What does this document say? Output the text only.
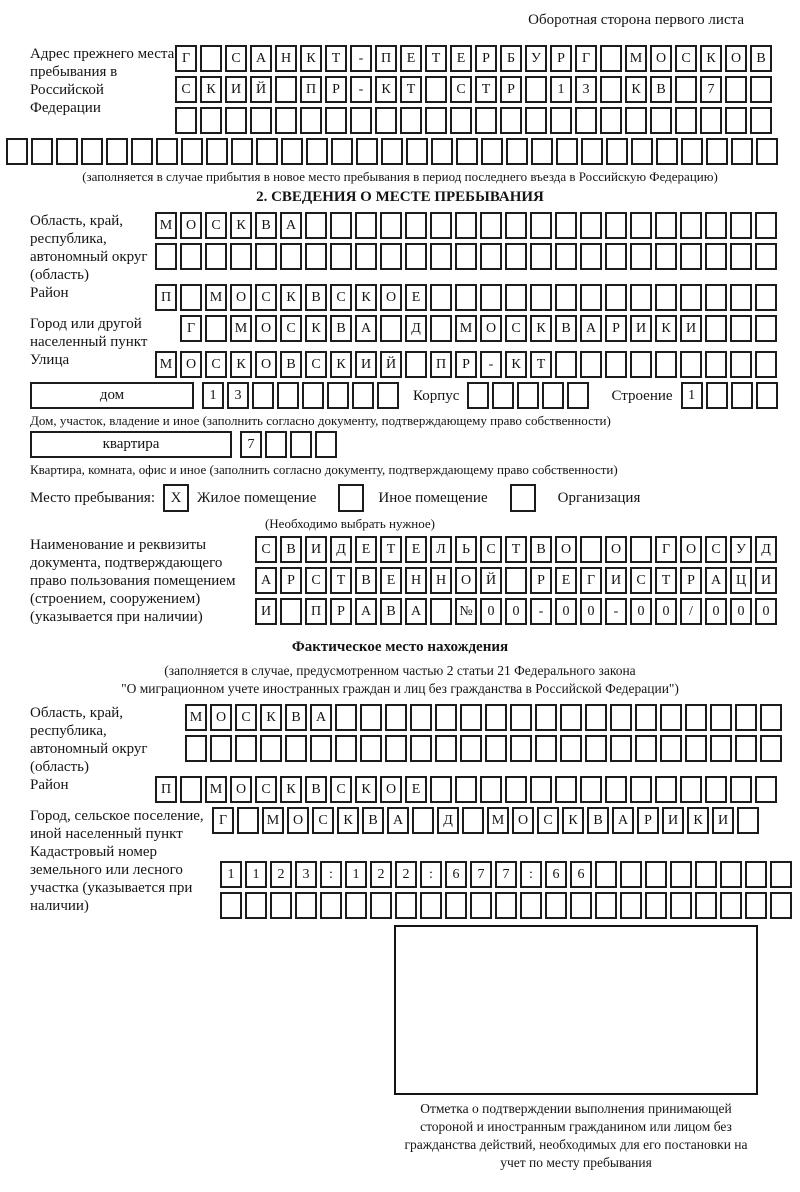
Оборотная сторона первого листа
Адрес прежнего места пребывания в Российской Федерации
Г	С	А	Н	К	Т	-	П	Е	Т	Е	Р	Б	У	Р	Г	М О	С	К	О	В
С	К	И	Й	П	Р	-	К	Т	С	Т	Р	1	3	К	В	7
(заполняется в случае прибытия в новое место пребывания в период последнего въезда в Российскую Федерацию)
2. СВЕДЕНИЯ О МЕСТЕ ПРЕБЫВАНИЯ
Область, край, республика, автономный округ (область)
М О	С	К	В	А
Район	П	М О	С	К	В	С	К	О	Е
Город или другой населенный пункт
Г	М О	С	К	В	А	Д	М О	С	К	В	А	Р	И	К	И
Улица	М О	С	К	О	В	С	К	И	Й	П	Р	-	К	Т
дом	1	3	Корпус	Строение	1
Дом, участок, владение и иное (заполнить согласно документу, подтверждающему право собственности)
квартира	7
Квартира, комната, офис и иное (заполнить согласно документу, подтверждающему право собственности)
Место пребывания:	X	Жилое помещение	Иное помещение	Организация
(Необходимо выбрать нужное)
Наименование и реквизиты документа, подтверждающего право пользования помещением (строением, сооружением) (указывается при наличии)
С	В	И	Д	Е	Т	Е	Л	Ь	С	Т	В	О	О	Г	О	С	У	Д
А	Р	С	Т	В	Е	Н	Н	О	Й	Р	Е	Г	И	С	Т	Р	А	Ц	И
И	П	Р	А	В	А	№	0	0	-	0	0	-	0	0	/	0	0	0
Фактическое место нахождения
(заполняется в случае, предусмотренном частью 2 статьи 21 Федерального закона
"О миграционном учете иностранных граждан и лиц без гражданства в Российской Федерации")
Область, край, республика, автономный округ (область)
М О	С	К	В	А
Район	П	М О	С	К	В	С	К	О	Е
Город, сельское поселение, иной населенный пункт
Г	М О	С	К	В	А	Д	М О	С	К	В	А	Р	И	К	И
Кадастровый номер земельного или лесного участка (указывается при наличии)
1	1	2	3	:	1	2	2	:	6	7	7	:	6	6
Отметка о подтверждении выполнения принимающей стороной и иностранным гражданином или лицом без гражданства действий, необходимых для его постановки на учет по месту пребывания
